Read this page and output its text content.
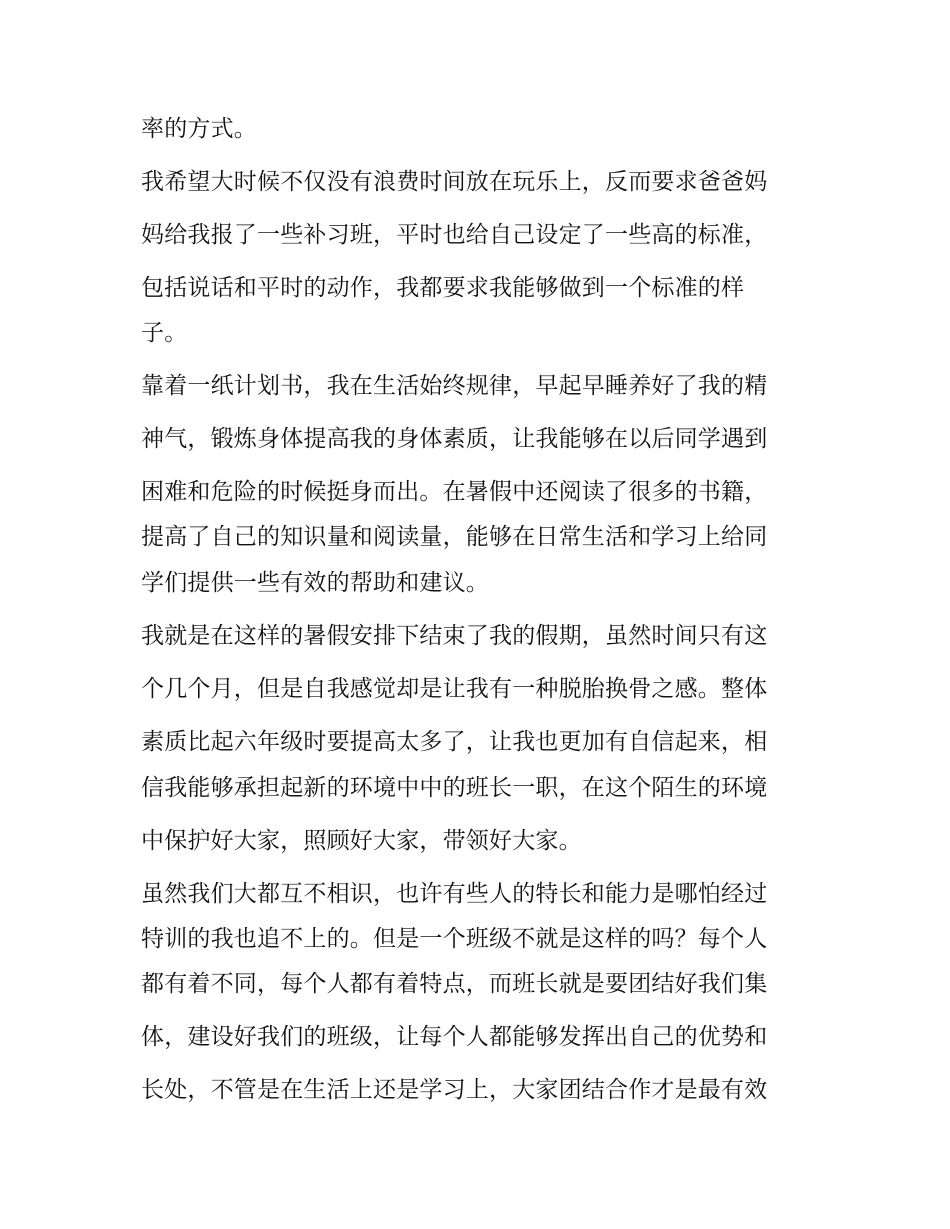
率的方式。
我希望大时候不仅没有浪费时间放在玩乐上，反而要求爸爸妈
妈给我报了一些补习班，平时也给自己设定了一些高的标准，
包括说话和平时的动作，我都要求我能够做到一个标准的样
子。
靠着一纸计划书，我在生活始终规律，早起早睡养好了我的精
神气，锻炼身体提高我的身体素质，让我能够在以后同学遇到
困难和危险的时候挺身而出。在暑假中还阅读了很多的书籍，
提高了自己的知识量和阅读量，能够在日常生活和学习上给同
学们提供一些有效的帮助和建议。
我就是在这样的暑假安排下结束了我的假期，虽然时间只有这
个几个月，但是自我感觉却是让我有一种脱胎换骨之感。整体
素质比起六年级时要提高太多了，让我也更加有自信起来，相
信我能够承担起新的环境中中的班长一职，在这个陌生的环境
中保护好大家，照顾好大家，带领好大家。
虽然我们大都互不相识，也许有些人的特长和能力是哪怕经过
特训的我也追不上的。但是一个班级不就是这样的吗？每个人
都有着不同，每个人都有着特点，而班长就是要团结好我们集
体，建设好我们的班级，让每个人都能够发挥出自己的优势和
长处，不管是在生活上还是学习上，大家团结合作才是最有效
